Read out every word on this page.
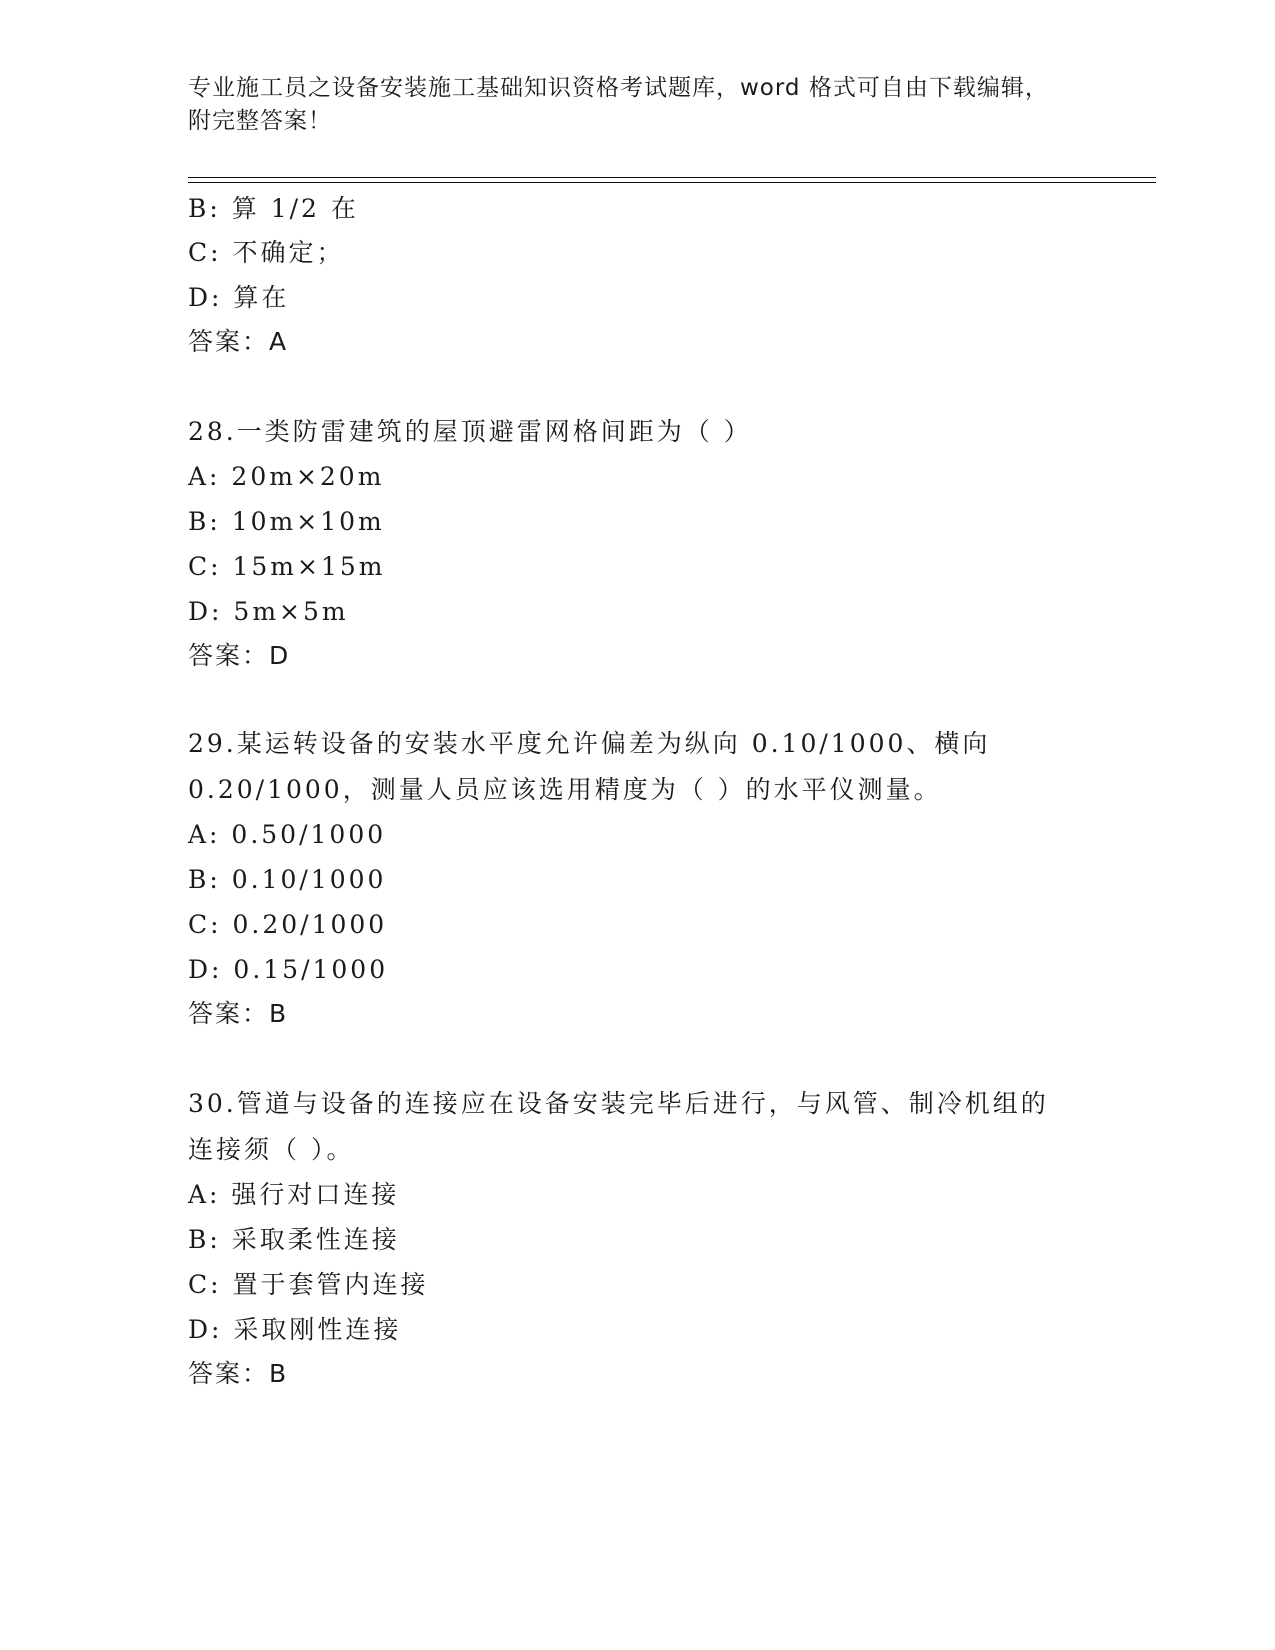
专业施工员之设备安装施工基础知识资格考试题库，word 格式可自由下载编辑，
附完整答案！
B: 算 1/2 在
C: 不确定；
D: 算在
答案：A
28.一类防雷建筑的屋顶避雷网格间距为（ ）
A: 20m×20m
B: 10m×10m
C: 15m×15m
D: 5m×5m
答案：D
29.某运转设备的安装水平度允许偏差为纵向 0.10/1000、横向
0.20/1000，测量人员应该选用精度为（ ）的水平仪测量。
A: 0.50/1000
B: 0.10/1000
C: 0.20/1000
D: 0.15/1000
答案：B
30.管道与设备的连接应在设备安装完毕后进行，与风管、制冷机组的
连接须（ ）。
A: 强行对口连接
B: 采取柔性连接
C: 置于套管内连接
D: 采取刚性连接
答案：B
